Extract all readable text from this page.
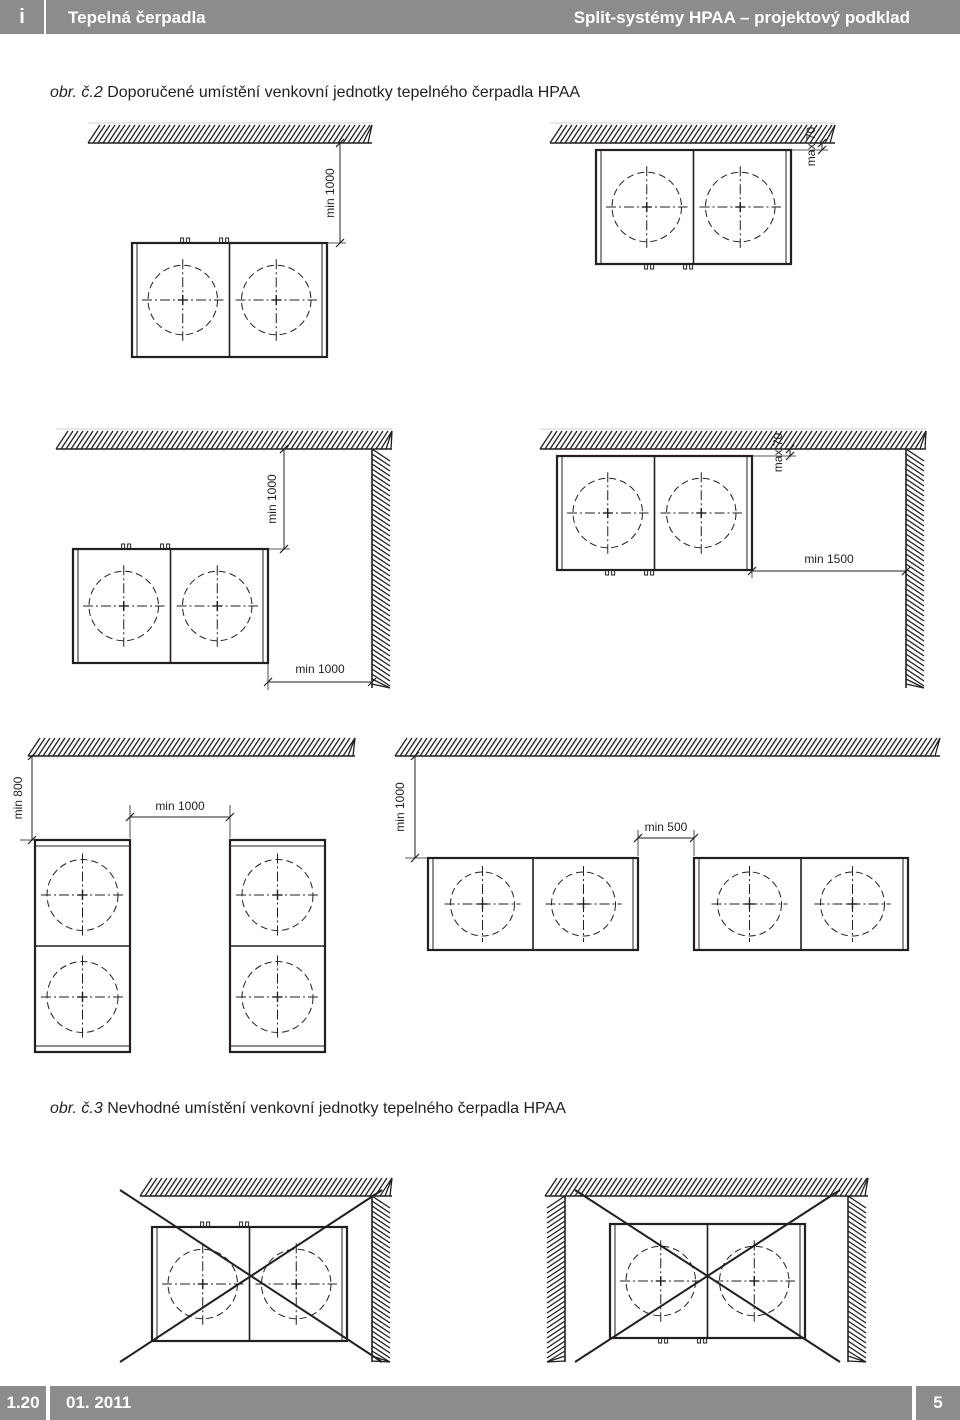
i	Tepelná čerpadla	Split-systémy HPAA – projektový podklad
obr. č.2 Doporučené umístění venkovní jednotky tepelného čerpadla HPAA
min 1000
max 70
min 1000
min 1000
max 70
min 1500
obr. č.3 Nevhodné umístění venkovní jednotky tepelného čerpadla HPAA
1.20	01. 2011	5
min 800	min 1000	min 1000	min 500
